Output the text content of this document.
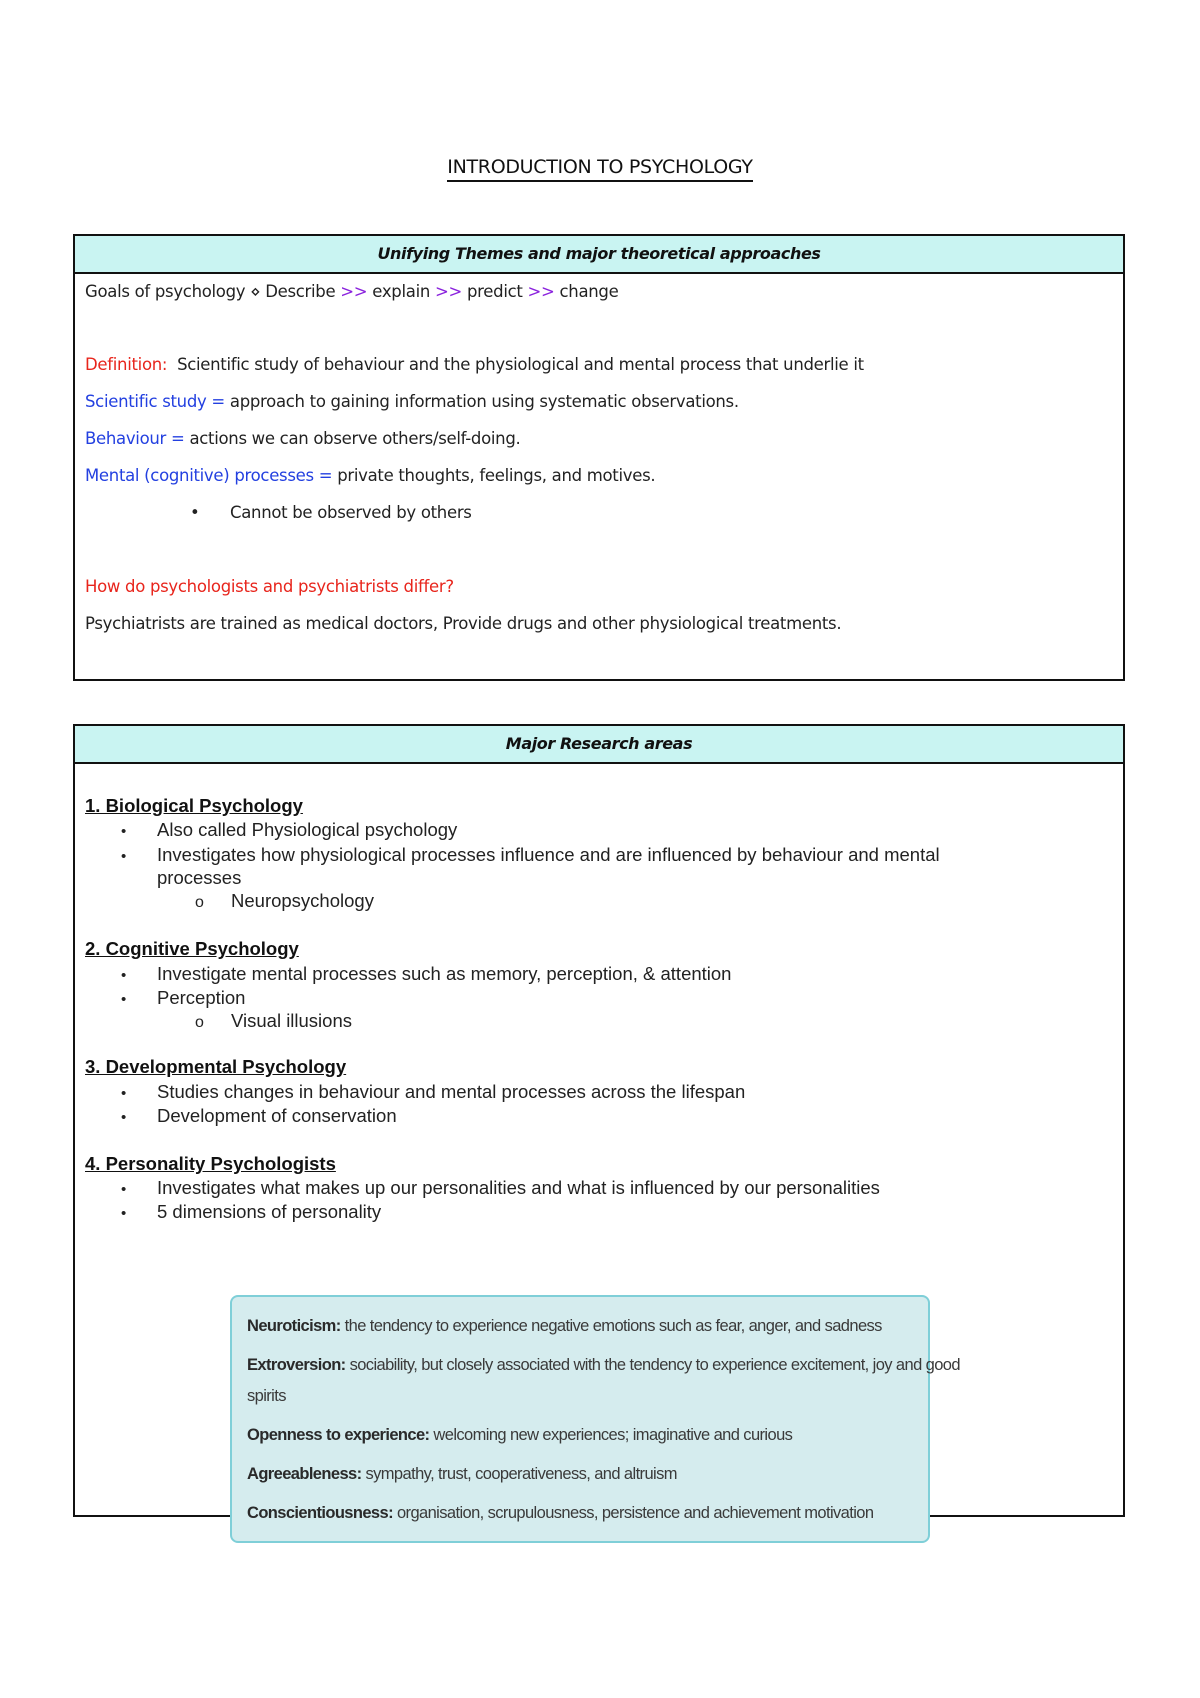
INTRODUCTION TO PSYCHOLOGY
Unifying Themes and major theoretical approaches
Goals of psychology ⋄ Describe >> explain >> predict >> change
Definition: Scientific study of behaviour and the physiological and mental process that underlie it
Scientific study = approach to gaining information using systematic observations.
Behaviour = actions we can observe others/self-doing.
Mental (cognitive) processes = private thoughts, feelings, and motives.
• Cannot be observed by others
How do psychologists and psychiatrists differ?
Psychiatrists are trained as medical doctors, Provide drugs and other physiological treatments.
Major Research areas
1. Biological Psychology
• Also called Physiological psychology
• Investigates how physiological processes influence and are influenced by behaviour and mental
processes
o Neuropsychology
2. Cognitive Psychology
• Investigate mental processes such as memory, perception, & attention
• Perception
o Visual illusions
3. Developmental Psychology
• Studies changes in behaviour and mental processes across the lifespan
• Development of conservation
4. Personality Psychologists
• Investigates what makes up our personalities and what is influenced by our personalities
• 5 dimensions of personality
Neuroticism: the tendency to experience negative emotions such as fear, anger, and sadness
Extroversion: sociability, but closely associated with the tendency to experience excitement, joy and good
spirits
Openness to experience: welcoming new experiences; imaginative and curious
Agreeableness: sympathy, trust, cooperativeness, and altruism
Conscientiousness: organisation, scrupulousness, persistence and achievement motivation
